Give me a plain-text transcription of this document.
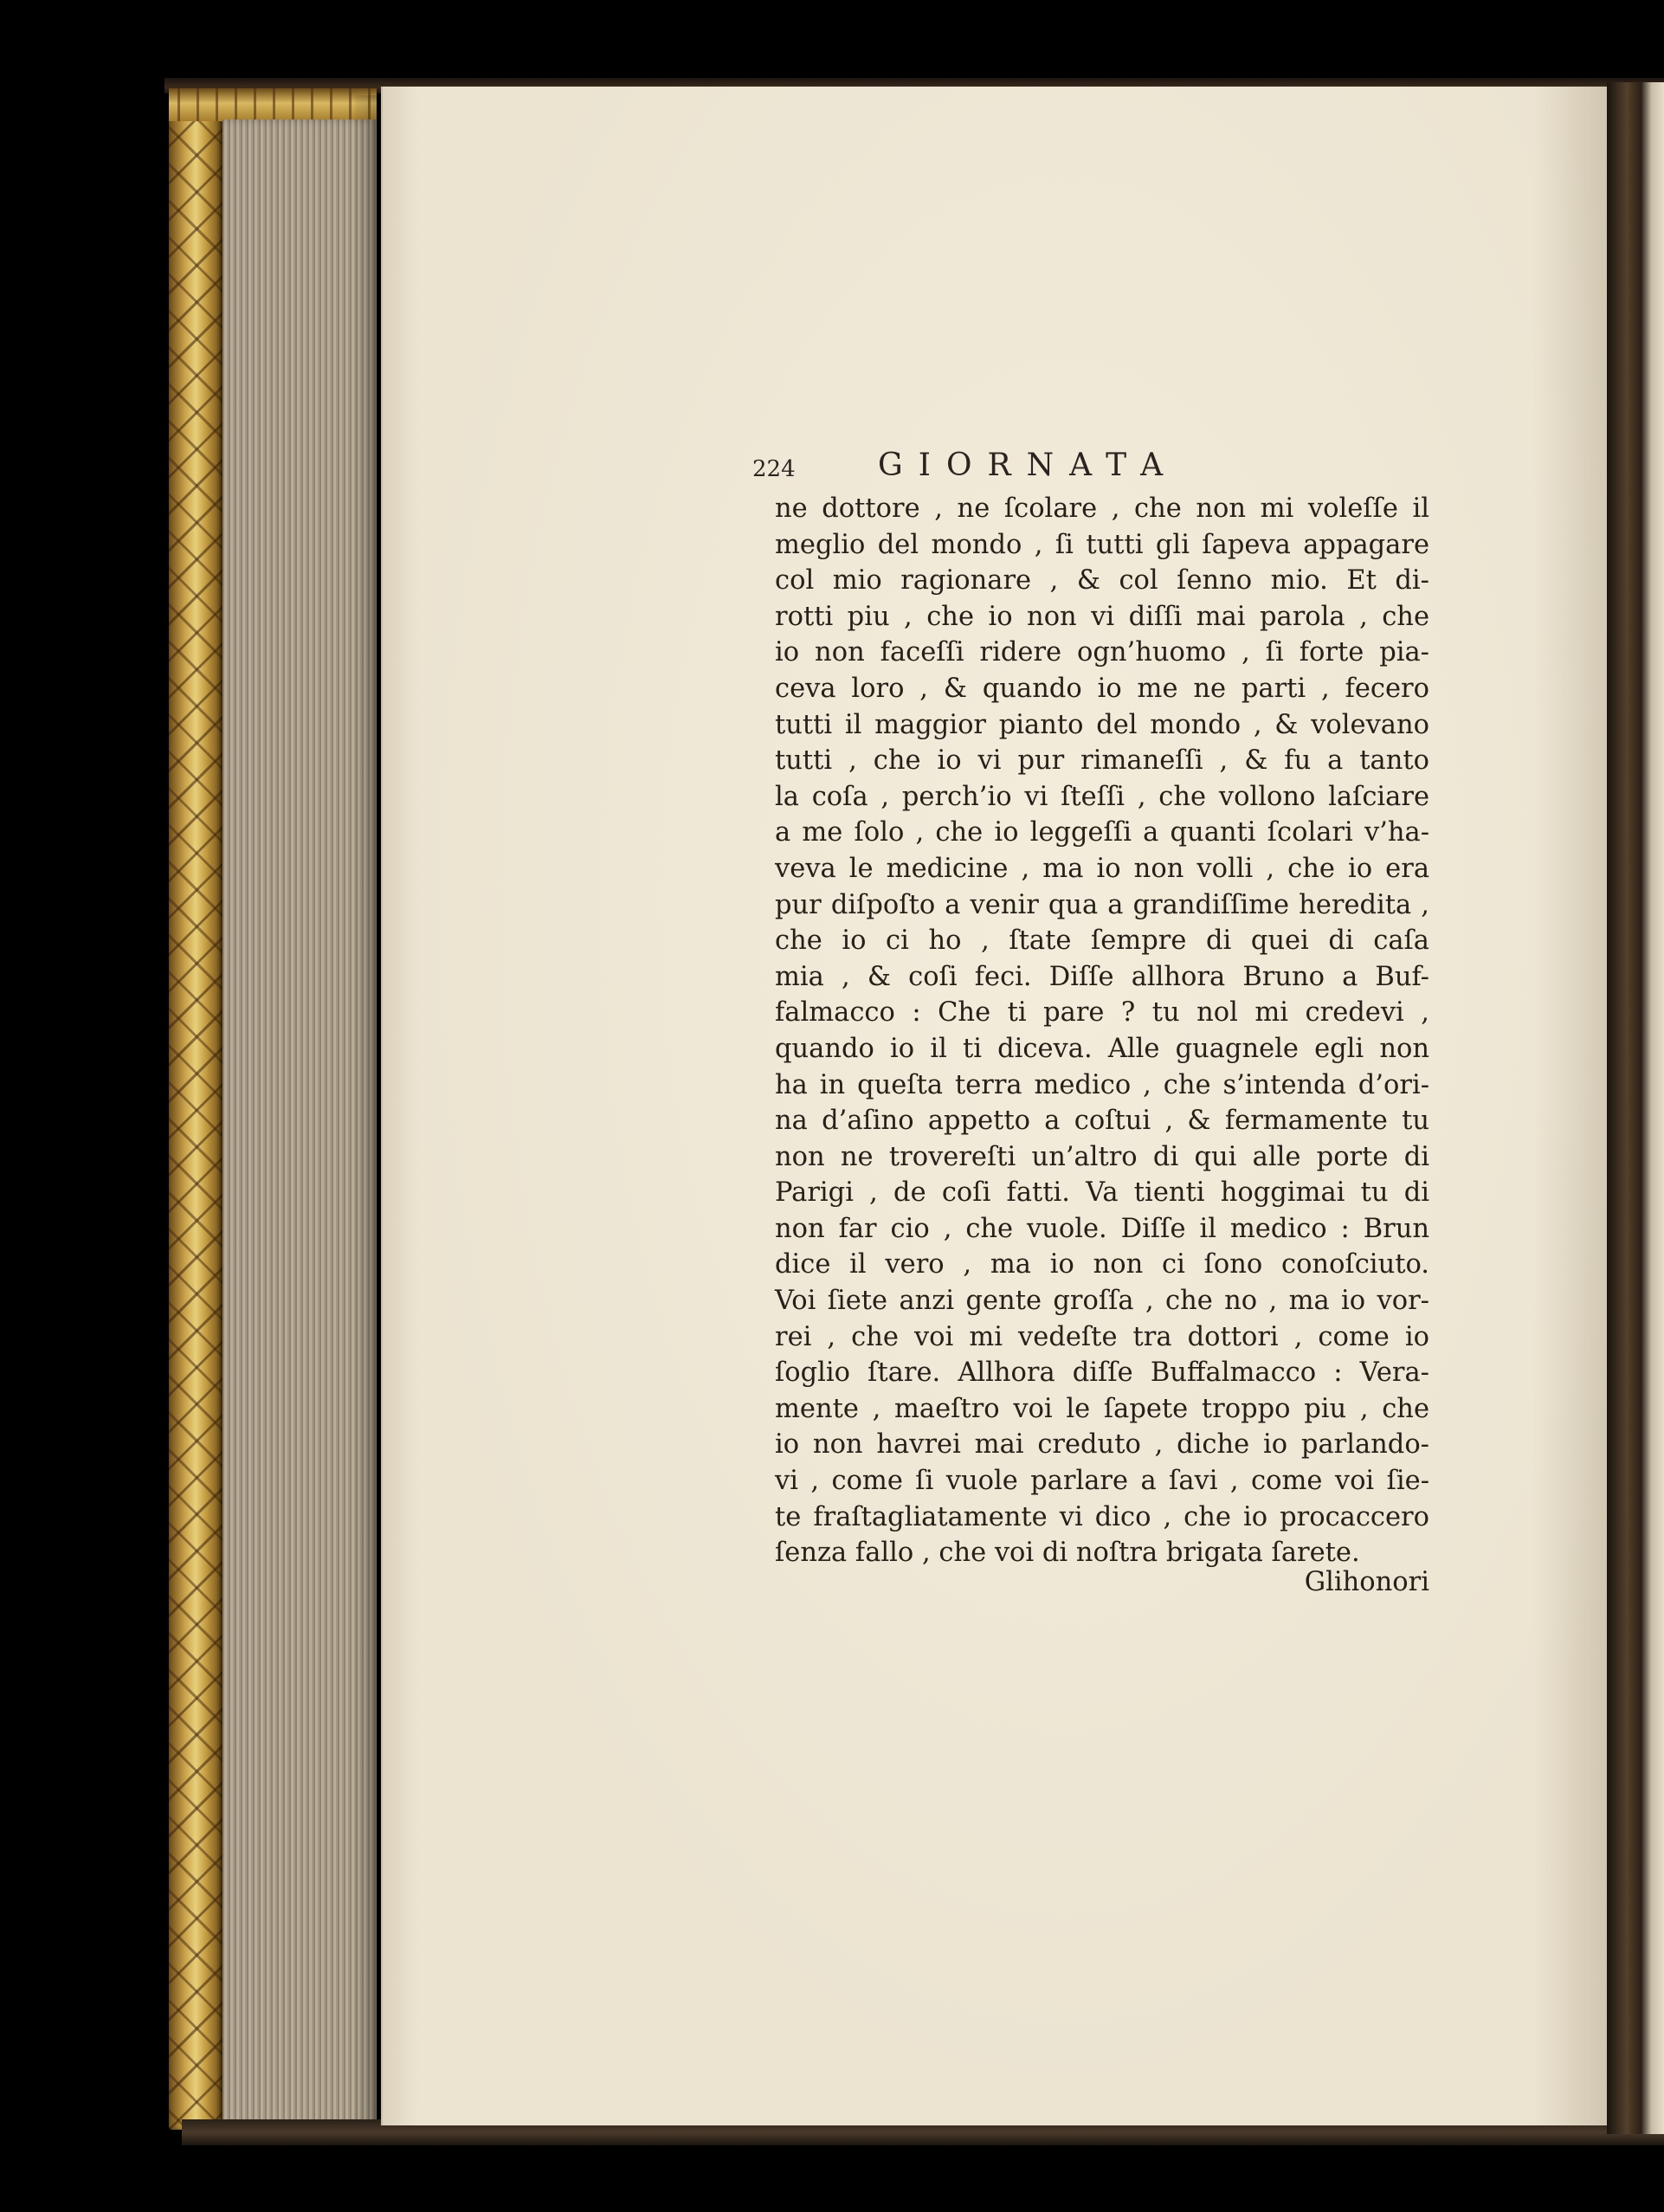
224	GIORNATA
ne dottore , ne ſcolare , che non mi voleſſe il
meglio del mondo , ſi tutti gli ſapeva appagare
col mio ragionare , & col ſenno mio. Et di-
rotti piu , che io non vi diſſi mai parola , che
io non faceſſi ridere ogn’huomo , ſi forte pia-
ceva loro , & quando io me ne parti , fecero
tutti il maggior pianto del mondo , & volevano
tutti , che io vi pur rimaneſſi , & fu a tanto
la coſa , perch’io vi ſteſſi , che vollono laſciare
a me ſolo , che io leggeſſi a quanti ſcolari v’ha-
veva le medicine , ma io non volli , che io era
pur diſpoſto a venir qua a grandiſſime heredita ,
che io ci ho , ſtate ſempre di quei di caſa
mia , & coſi feci. Diſſe allhora Bruno a Buf-
falmacco : Che ti pare ? tu nol mi credevi ,
quando io il ti diceva. Alle guagnele egli non
ha in queſta terra medico , che s’intenda d’ori-
na d’aſino appetto a coſtui , & fermamente tu
non ne trovereſti un’altro di qui alle porte di
Parigi , de coſi fatti. Va tienti hoggimai tu di
non far cio , che vuole. Diſſe il medico : Brun
dice il vero , ma io non ci ſono conoſciuto.
Voi ſiete anzi gente groſſa , che no , ma io vor-
rei , che voi mi vedeſte tra dottori , come io
ſoglio ſtare. Allhora diſſe Buffalmacco : Vera-
mente , maeſtro voi le ſapete troppo piu , che
io non havrei mai creduto , diche io parlando-
vi , come ſi vuole parlare a ſavi , come voi ſie-
te fraſtagliatamente vi dico , che io procaccero
ſenza fallo , che voi di noſtra brigata ſarete.
Glihonori
